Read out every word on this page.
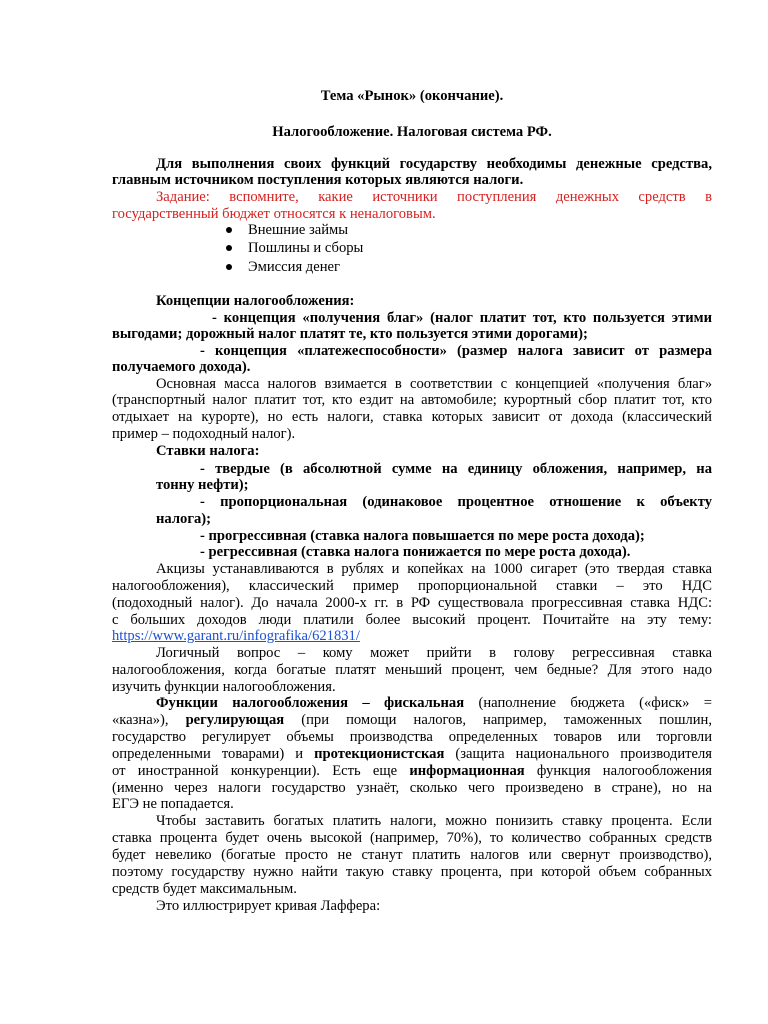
Тема «Рынок» (окончание).
Налогообложение. Налоговая система РФ.
Для выполнения своих функций государству необходимы денежные средства,
главным источником поступления которых являются налоги.
Задание: вспомните, какие источники поступления денежных средств в
государственный бюджет относятся к неналоговым.
Внешние займы
Пошлины и сборы
Эмиссия денег
Концепции налогообложения:
- концепция «получения благ» (налог платит тот, кто пользуется этими
выгодами; дорожный налог платят те, кто пользуется этими дорогами);
- концепция «платежеспособности» (размер налога зависит от размера
получаемого дохода).
Основная масса налогов взимается в соответствии с концепцией «получения благ»
(транспортный налог платит тот, кто ездит на автомобиле; курортный сбор платит тот, кто
отдыхает на курорте), но есть налоги, ставка которых зависит от дохода (классический
пример – подоходный налог).
Ставки налога:
- твердые (в абсолютной сумме на единицу обложения, например, на
тонну нефти);
- пропорциональная (одинаковое процентное отношение к объекту
налога);
- прогрессивная (ставка налога повышается по мере роста дохода);
- регрессивная (ставка налога понижается по мере роста дохода).
Акцизы устанавливаются в рублях и копейках на 1000 сигарет (это твердая ставка
налогообложения), классический пример пропорциональной ставки – это НДС
(подоходный налог). До начала 2000-х гг. в РФ существовала прогрессивная ставка НДС:
с больших доходов люди платили более высокий процент. Почитайте на эту тему:
https://www.garant.ru/infografika/621831/
Логичный вопрос – кому может прийти в голову регрессивная ставка
налогообложения, когда богатые платят меньший процент, чем бедные? Для этого надо
изучить функции налогообложения.
Функции налогообложения – фискальная (наполнение бюджета («фиск» =
«казна»), регулирующая (при помощи налогов, например, таможенных пошлин,
государство регулирует объемы производства определенных товаров или торговли
определенными товарами) и протекционистская (защита национального производителя
от иностранной конкуренции). Есть еще информационная функция налогообложения
(именно через налоги государство узнаёт, сколько чего произведено в стране), но на
ЕГЭ не попадается.
Чтобы заставить богатых платить налоги, можно понизить ставку процента. Если
ставка процента будет очень высокой (например, 70%), то количество собранных средств
будет невелико (богатые просто не станут платить налогов или свернут производство),
поэтому государству нужно найти такую ставку процента, при которой объем собранных
средств будет максимальным.
Это иллюстрирует кривая Лаффера:
